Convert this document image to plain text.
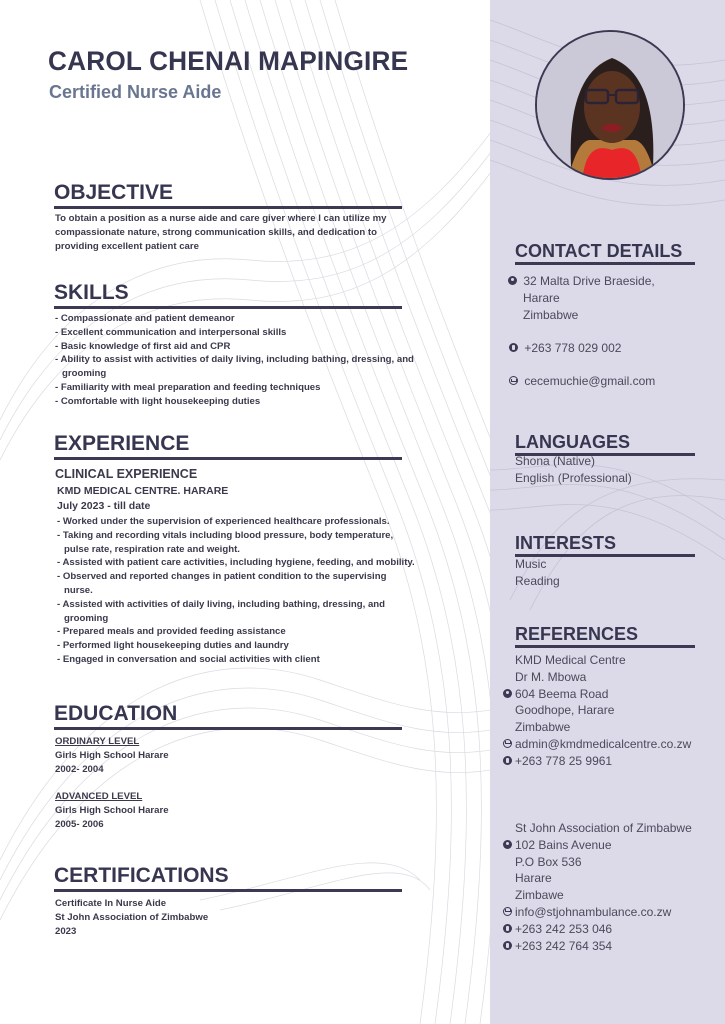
CAROL CHENAI MAPINGIRE
Certified Nurse Aide
OBJECTIVE
To obtain a position as a nurse aide and care giver where I can utilize my compassionate nature, strong communication skills, and dedication to providing excellent patient care
SKILLS
- Compassionate and patient demeanor
- Excellent communication and interpersonal skills
- Basic knowledge of first aid and CPR
- Ability to assist with activities of daily living, including bathing, dressing, and grooming
- Familiarity with meal preparation and feeding techniques
- Comfortable with light housekeeping duties
EXPERIENCE
CLINICAL EXPERIENCE
KMD MEDICAL CENTRE. HARARE
July 2023 - till date
- Worked under the supervision of experienced healthcare professionals.
- Taking and recording vitals including blood pressure, body temperature, pulse rate, respiration rate and weight.
- Assisted with patient care activities, including hygiene, feeding, and mobility.
- Observed and reported changes in patient condition to the supervising nurse.
- Assisted with activities of daily living, including bathing, dressing, and grooming
- Prepared meals and provided feeding assistance
- Performed light housekeeping duties and laundry
- Engaged in conversation and social activities with client
EDUCATION
ORDINARY LEVEL
Girls High School Harare
2002- 2004
ADVANCED LEVEL
Girls High School Harare
2005- 2006
CERTIFICATIONS
Certificate In Nurse Aide
St John Association of Zimbabwe
2023
CONTACT DETAILS
32 Malta Drive Braeside,
Harare
Zimbabwe
+263 778 029 002
cecemuchie@gmail.com
LANGUAGES
Shona (Native)
English (Professional)
INTERESTS
Music
Reading
REFERENCES
KMD Medical Centre
Dr M. Mbowa
604 Beema Road
Goodhope, Harare
Zimbabwe
admin@kmdmedicalcentre.co.zw
+263 778 25 9961
St John Association of Zimbabwe
102 Bains Avenue
P.O Box 536
Harare
Zimbawe
info@stjohnambulance.co.zw
+263 242 253 046
+263 242 764 354
